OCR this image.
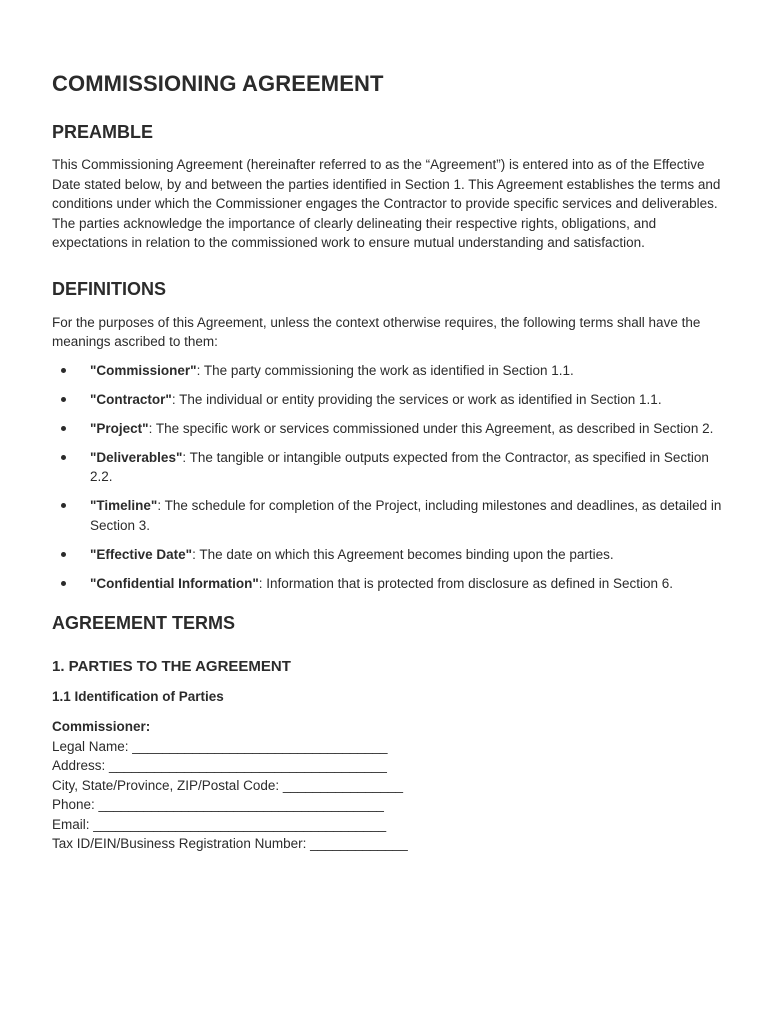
COMMISSIONING AGREEMENT
PREAMBLE

This Commissioning Agreement (hereinafter referred to as the “Agreement”) is entered into as of the Effective Date stated below, by and between the parties identified in Section 1. This Agreement establishes the terms and conditions under which the Commissioner engages the Contractor to provide specific services and deliverables. The parties acknowledge the importance of clearly delineating their respective rights, obligations, and expectations in relation to the commissioned work to ensure mutual understanding and satisfaction.

DEFINITIONS

For the purposes of this Agreement, unless the context otherwise requires, the following terms shall have the meanings ascribed to them:

"Commissioner": The party commissioning the work as identified in Section 1.1.
"Contractor": The individual or entity providing the services or work as identified in Section 1.1.
"Project": The specific work or services commissioned under this Agreement, as described in Section 2.
"Deliverables": The tangible or intangible outputs expected from the Contractor, as specified in Section 2.2.
"Timeline": The schedule for completion of the Project, including milestones and deadlines, as detailed in Section 3.
"Effective Date": The date on which this Agreement becomes binding upon the parties.
"Confidential Information": Information that is protected from disclosure as defined in Section 6.
AGREEMENT TERMS
1. PARTIES TO THE AGREEMENT
1.1 Identification of Parties

Commissioner:

Legal Name: __________________________________

Address: _____________________________________

City, State/Province, ZIP/Postal Code: ________________

Phone: ______________________________________

Email: _______________________________________

Tax ID/EIN/Business Registration Number: _____________
